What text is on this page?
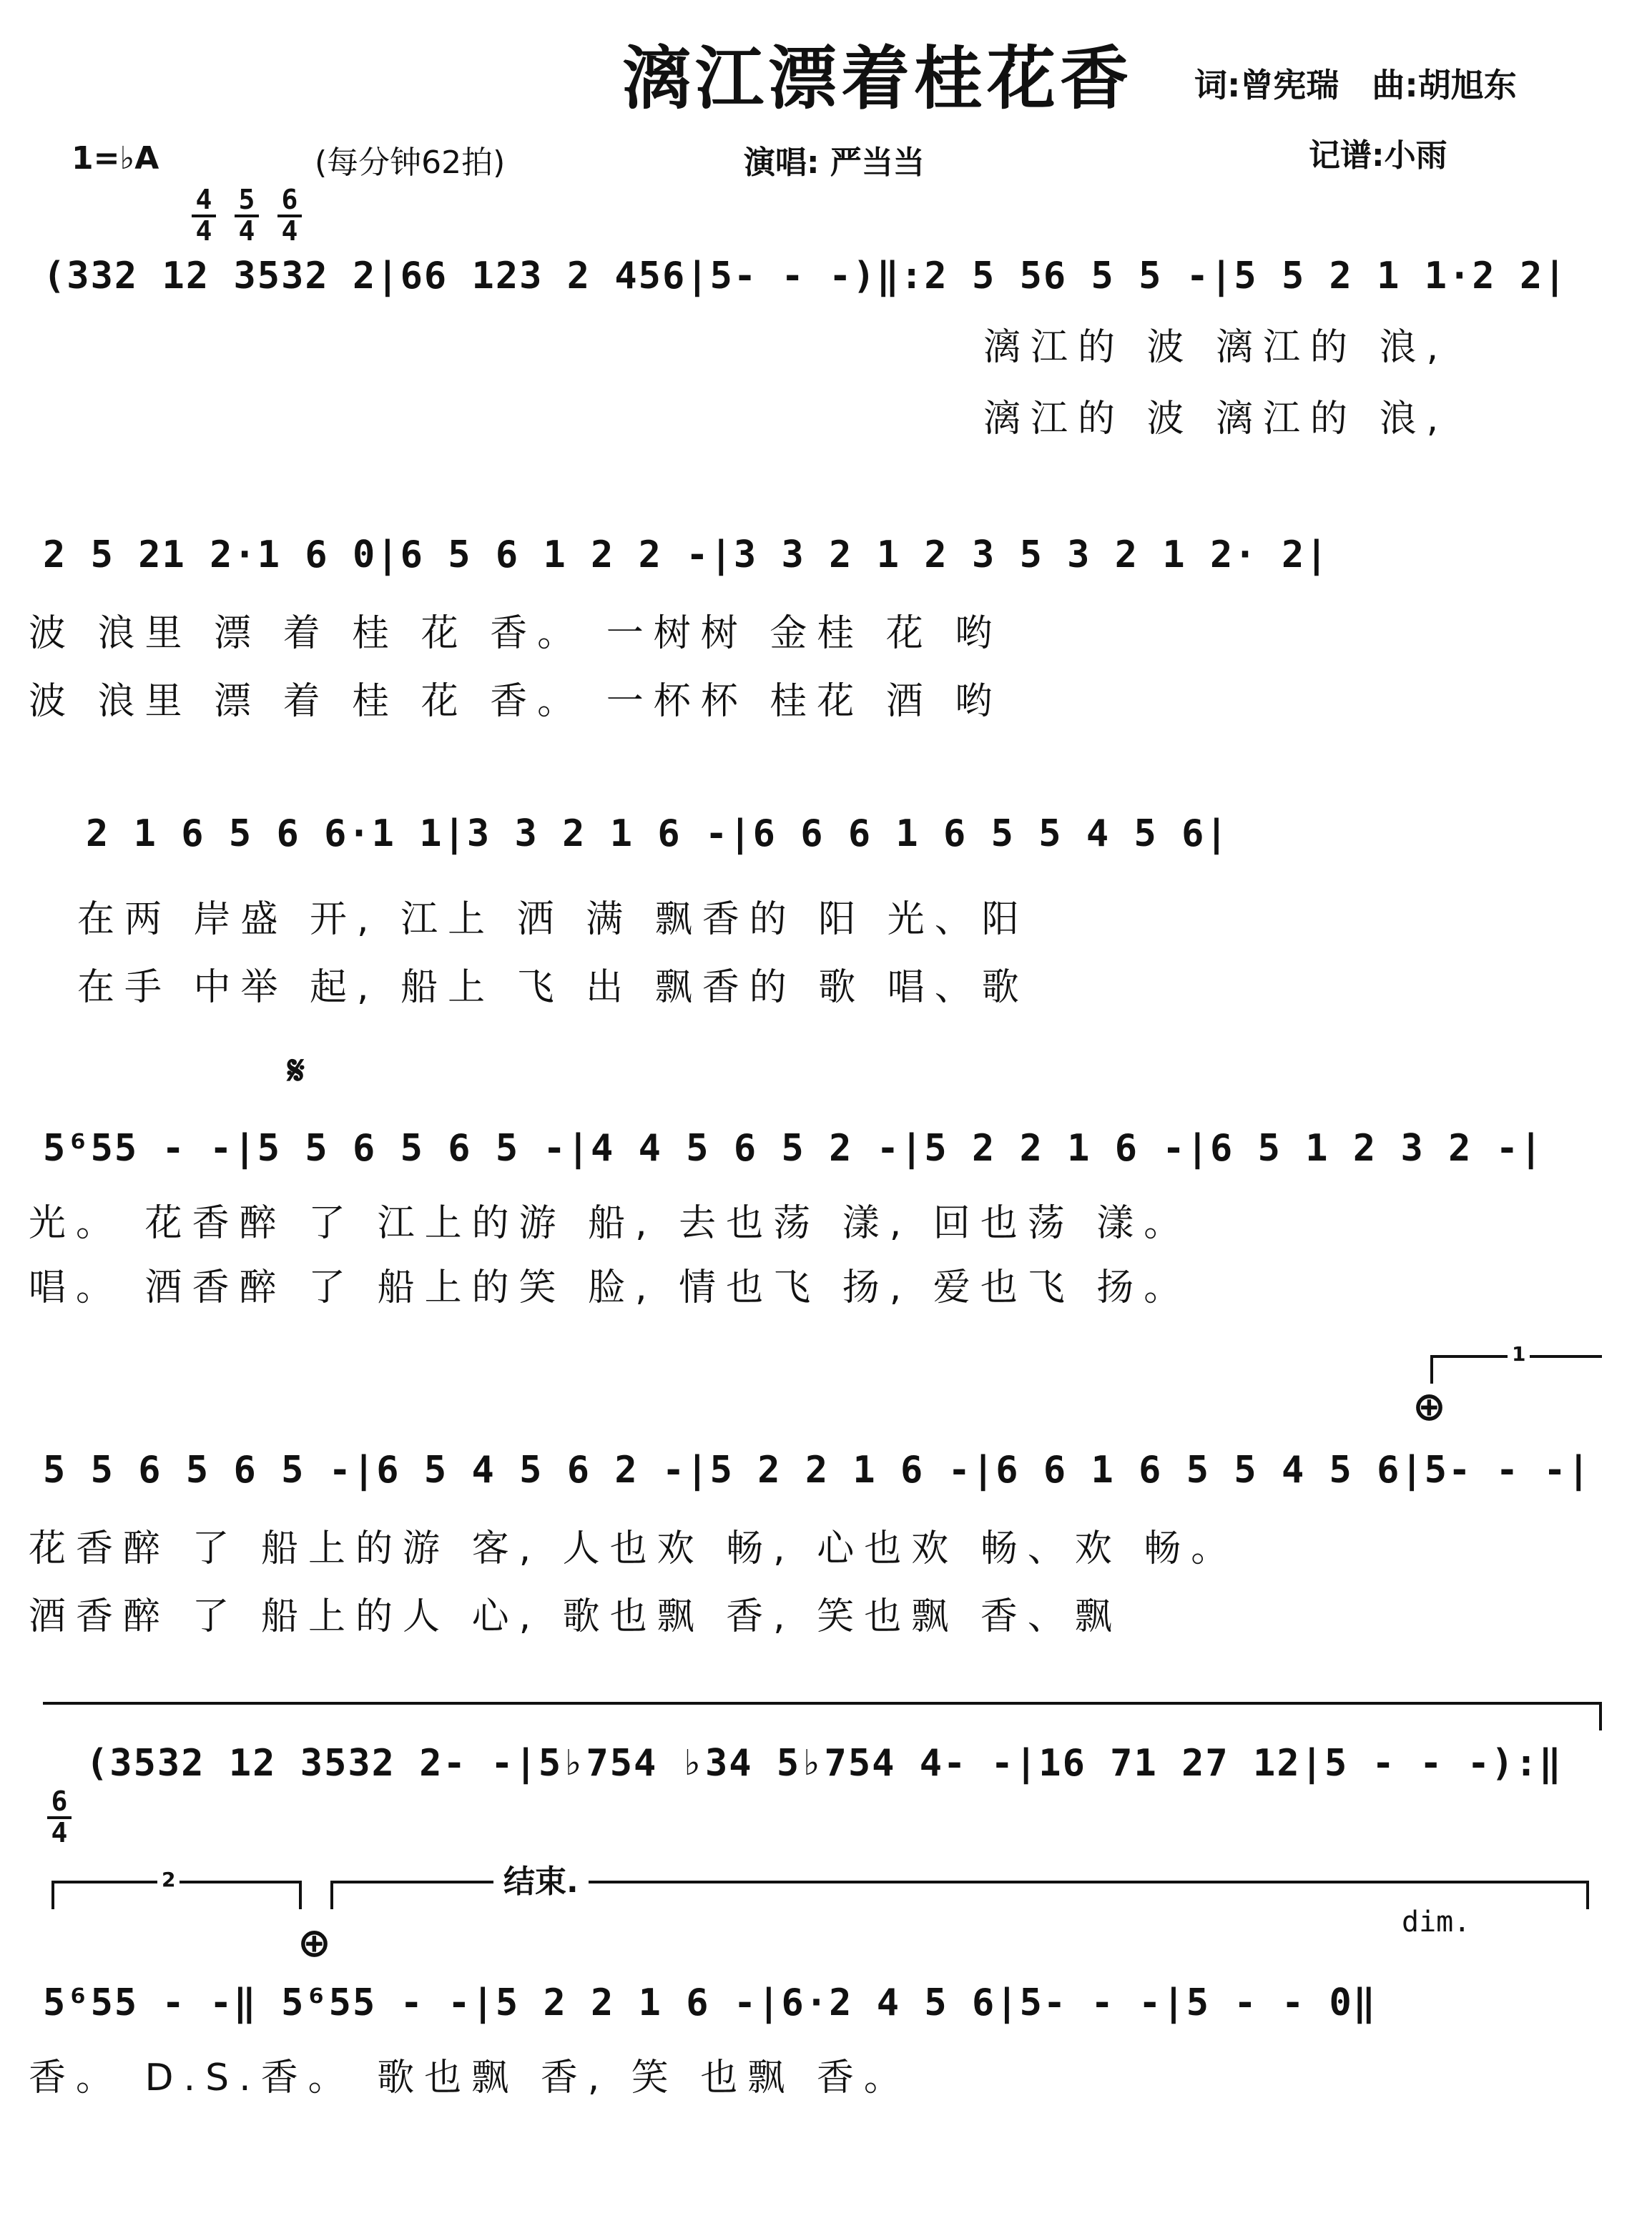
漓江漂着桂花香 词:曾宪瑞　曲:胡旭东
1=♭A

4
4

5
4

6
4

(每分钟62拍)	演唱: 严当当	记谱:小雨
(332 12 3532 2|66 123 2 456|5- - -)‖:2 5 56 5 5 -|5 5 2 1 1·2 2|
漓江的 波 漓江的 浪,
漓江的 波 漓江的 浪,
2 5 21 2·1 6 0|6 5 6 1 2 2 -|3 3 2 1 2 3 5 3 2 1 2· 2|
波 浪里 漂 着 桂 花 香。 一树树 金桂 花 哟
波 浪里 漂 着 桂 花 香。 一杯杯 桂花 酒 哟
2 1 6 5 6 6·1 1|3 3 2 1 6 -|6 6 6 1 6 5 5 4 5 6|
在两 岸盛 开, 江上 洒 满 飘香的 阳 光、阳
在手 中举 起, 船上 飞 出 飘香的 歌 唱、歌
𝄋
5⁶55 - -|5 5 6 5 6 5 -|4 4 5 6 5 2 -|5 2 2 1 6 -|6 5 1 2 3 2 -|
光。 花香醉 了 江上的游 船, 去也荡 漾, 回也荡 漾。
唱。 酒香醉 了 船上的笑 脸, 情也飞 扬, 爱也飞 扬。
1
⊕
5 5 6 5 6 5 -|6 5 4 5 6 2 -|5 2 2 1 6 -|6 6 1 6 5 5 4 5 6|5- - -|
花香醉 了 船上的游 客, 人也欢 畅, 心也欢 畅、欢 畅。
酒香醉 了 船上的人 心, 歌也飘 香, 笑也飘 香、飘

6
4

(3532 12 3532 2- -|5♭754 ♭34 5♭754 4- -|16 71 27 12|5 - - -):‖
2	结束.
dim.
⊕
5⁶55 - -‖ 5⁶55 - -|5 2 2 1 6 -|6·2 4 5 6|5- - -|5 - - 0‖
香。 D.S.香。 歌也飘 香, 笑 也飘 香。
